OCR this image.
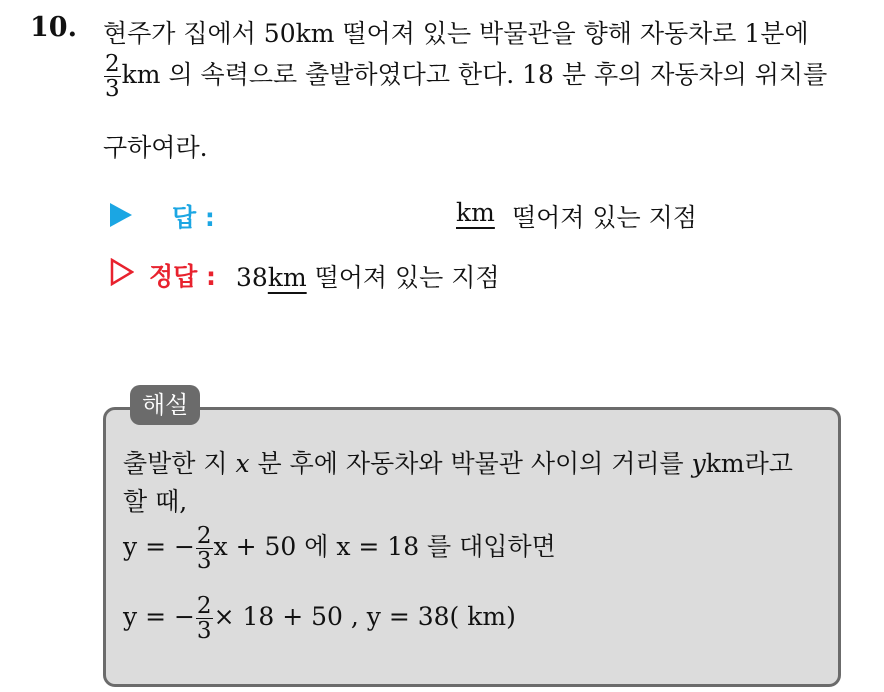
10. 현주가 집에서 50km 떨어져 있는 박물관을 향해 자동차로 1분에
$\frac{2}{3}$ km 의 속력으로 출발하였다고 한다. 18 분 후의 자동차의 위치를
구하여라.
답 :	km 떨어져 있는 지점
정답 : 38km 떨어져 있는 지점
해설
출발한 지 x 분 후에 자동차와 박물관 사이의 거리를 ykm라고
할 때,
y = − $\frac{2}{3}$ x + 50 에 x = 18 를 대입하면
y = − $\frac{2}{3} \times 18 + 50$ , y = 38( km)
